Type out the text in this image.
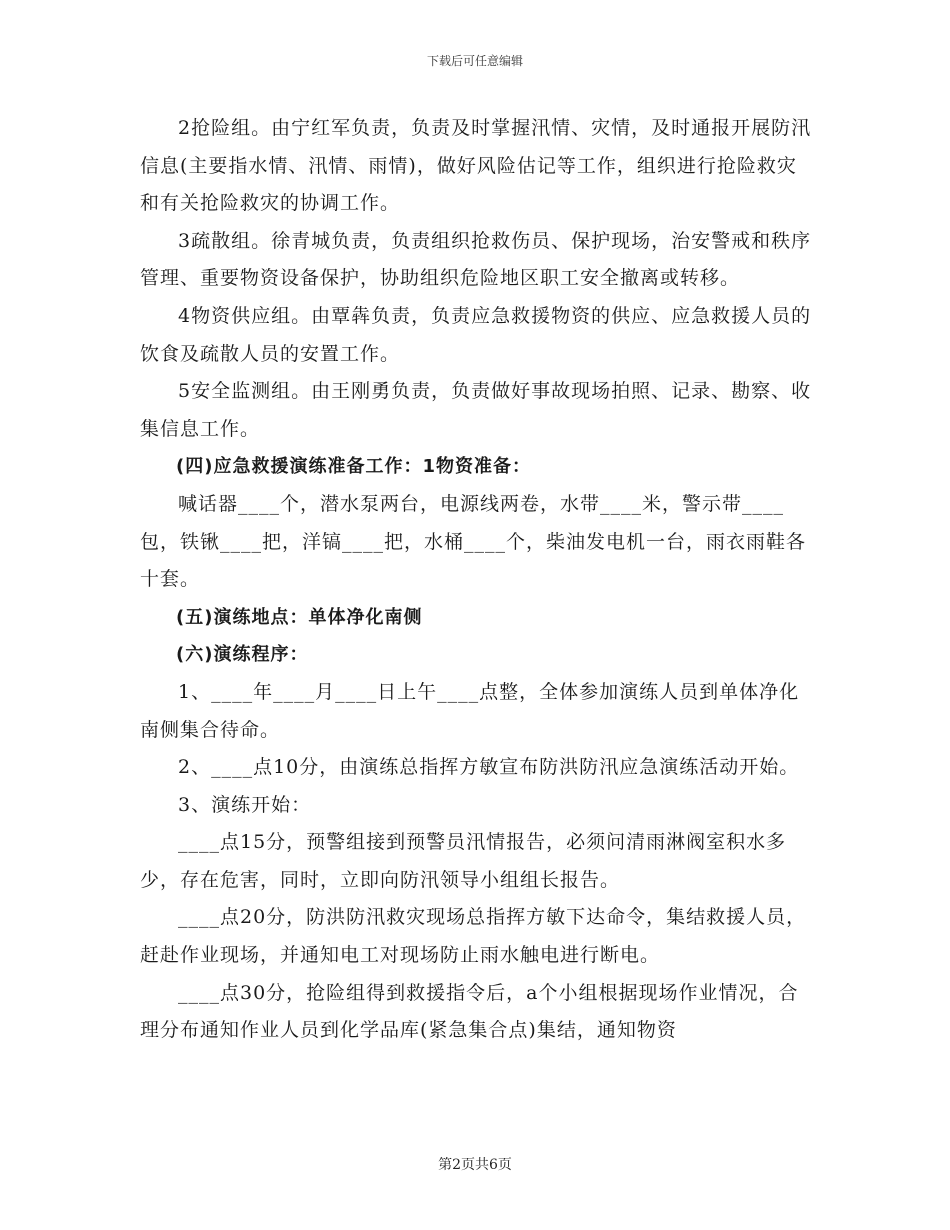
下载后可任意编辑

2抢险组。由宁红军负责，负责及时掌握汛情、灾情，及时通报开展防汛信息(主要指水情、汛情、雨情)，做好风险估记等工作，组织进行抢险救灾和有关抢险救灾的协调工作。

3疏散组。徐青城负责，负责组织抢救伤员、保护现场，治安警戒和秩序管理、重要物资设备保护，协助组织危险地区职工安全撤离或转移。

4物资供应组。由覃犇负责，负责应急救援物资的供应、应急救援人员的饮食及疏散人员的安置工作。

5安全监测组。由王刚勇负责，负责做好事故现场拍照、记录、勘察、收集信息工作。

(四)应急救援演练准备工作：1物资准备：

喊话器____个，潜水泵两台，电源线两卷，水带____米，警示带____包，铁锹____把，洋镐____把，水桶____个，柴油发电机一台，雨衣雨鞋各十套。

(五)演练地点：单体净化南侧

(六)演练程序：

1、____年____月____日上午____点整，全体参加演练人员到单体净化南侧集合待命。

2、____点10分，由演练总指挥方敏宣布防洪防汛应急演练活动开始。

3、演练开始：

____点15分，预警组接到预警员汛情报告，必须问清雨淋阀室积水多少，存在危害，同时，立即向防汛领导小组组长报告。

____点20分，防洪防汛救灾现场总指挥方敏下达命令，集结救援人员，赶赴作业现场，并通知电工对现场防止雨水触电进行断电。

____点30分，抢险组得到救援指令后，a个小组根据现场作业情况，合理分布通知作业人员到化学品库(紧急集合点)集结，通知物资

第2页共6页
